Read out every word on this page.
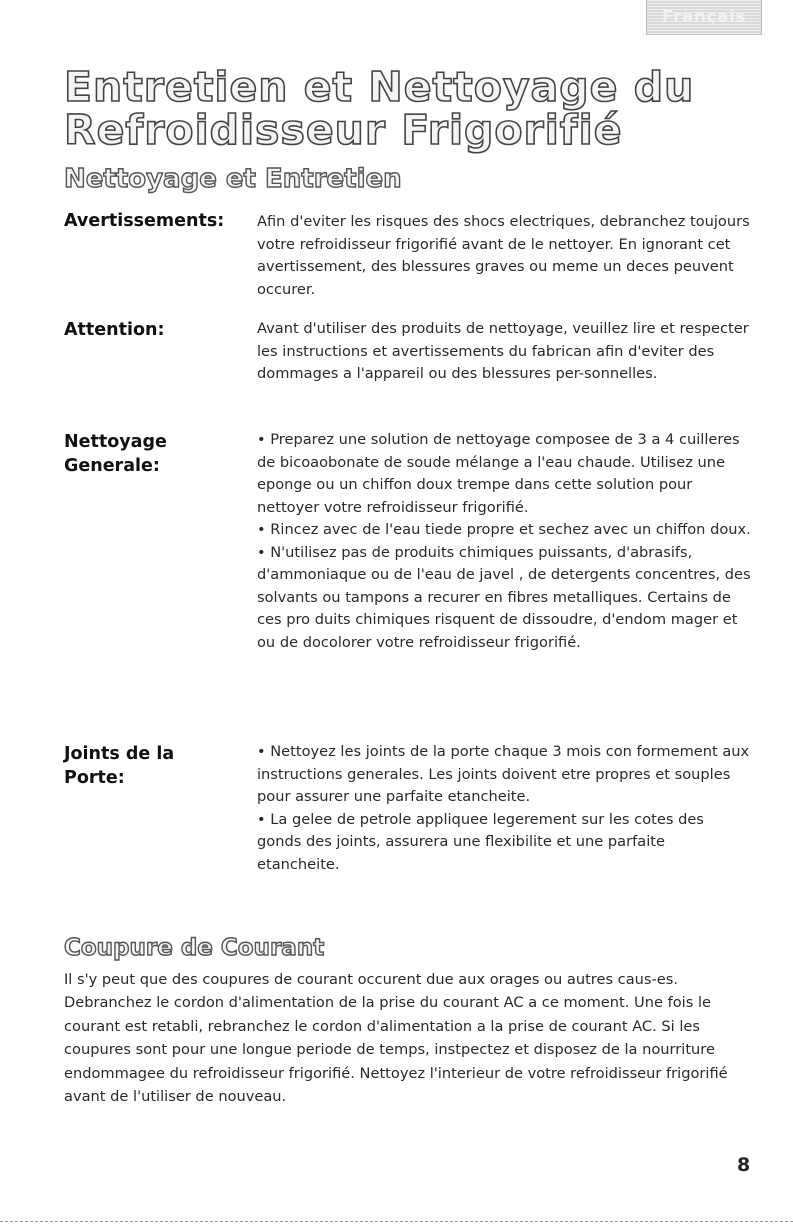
Français
Entretien et Nettoyage du
Refroidisseur Frigorifié
Nettoyage et Entretien
Avertissements:	Afin d'eviter les risques des shocs electriques, debranchez toujours votre refroidisseur frigorifié avant de le nettoyer. En ignorant cet avertissement, des blessures graves ou meme un deces peuvent occurer.

Attention:	Avant d'utiliser des produits de nettoyage, veuillez lire et respecter les instructions et avertissements du fabrican afin d'eviter des dommages a l'appareil ou des blessures per-sonnelles.

Nettoyage
Generale:

• Preparez une solution de nettoyage composee de 3 a 4 cuilleres de bicoaobonate de soude mélange a l'eau chaude. Utilisez une eponge ou un chiffon doux trempe dans cette solution pour nettoyer votre refroidisseur frigorifié.

• Rincez avec de l'eau tiede propre et sechez avec un chiffon doux.

• N'utilisez pas de produits chimiques puissants, d'abrasifs, d'ammoniaque ou de l'eau de javel , de detergents concentres, des solvants ou tampons a recurer en fibres metalliques. Certains de ces pro duits chimiques risquent de dissoudre, d'endom mager et ou de docolorer votre refroidisseur frigorifié.

Joints de la
Porte:

• Nettoyez les joints de la porte chaque 3 mois con formement aux instructions generales. Les joints doivent etre propres et souples pour assurer une parfaite etancheite.

• La gelee de petrole appliquee legerement sur les cotes des gonds des joints, assurera une flexibilite et une parfaite etancheite.

Coupure de Courant

Il s'y peut que des coupures de courant occurent due aux orages ou autres caus-es. Debranchez le cordon d'alimentation de la prise du courant AC a ce moment. Une fois le courant est retabli, rebranchez le cordon d'alimentation a la prise de courant AC. Si les coupures sont pour une longue periode de temps, instpectez et disposez de la nourriture endommagee du refroidisseur frigorifié. Nettoyez l'interieur de votre refroidisseur frigorifié avant de l'utiliser de nouveau.

8
